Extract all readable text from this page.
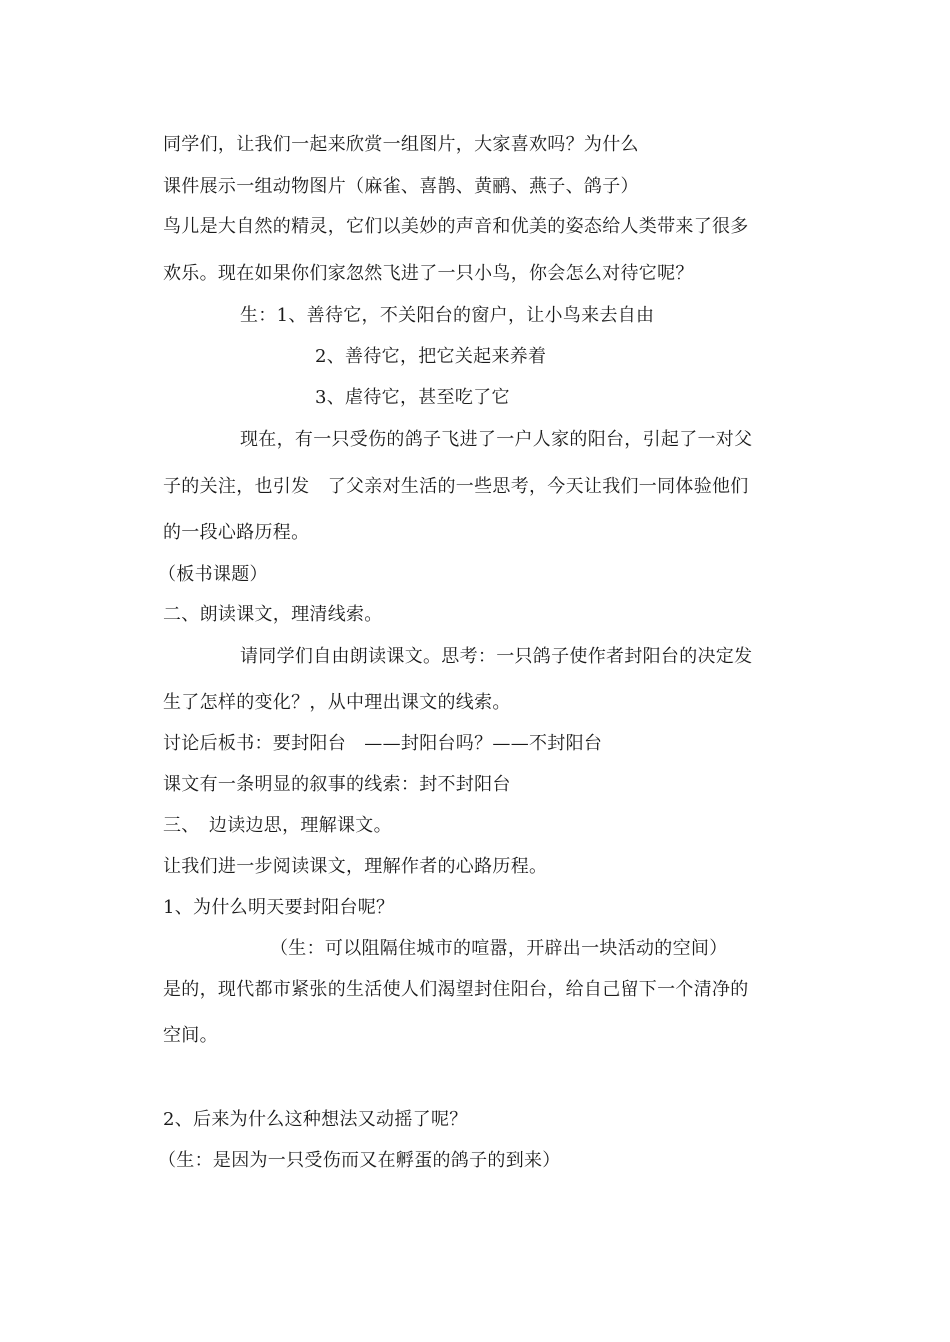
同学们，让我们一起来欣赏一组图片，大家喜欢吗？为什么
课件展示一组动物图片（麻雀、喜鹊、黄鹂、燕子、鸽子）
鸟儿是大自然的精灵，它们以美妙的声音和优美的姿态给人类带来了很多
欢乐。现在如果你们家忽然飞进了一只小鸟，你会怎么对待它呢？
生：1、善待它，不关阳台的窗户，让小鸟来去自由
2、善待它，把它关起来养着
3、虐待它，甚至吃了它
现在，有一只受伤的鸽子飞进了一户人家的阳台，引起了一对父
子的关注，也引发　了父亲对生活的一些思考，今天让我们一同体验他们
的一段心路历程。
（板书课题）
二、朗读课文，理清线索。
请同学们自由朗读课文。思考：一只鸽子使作者封阳台的决定发
生了怎样的变化？，从中理出课文的线索。
讨论后板书：要封阳台　——封阳台吗？——不封阳台
课文有一条明显的叙事的线索：封不封阳台
三、　边读边思，理解课文。
让我们进一步阅读课文，理解作者的心路历程。
1、为什么明天要封阳台呢？
（生：可以阻隔住城市的喧嚣，开辟出一块活动的空间）
是的，现代都市紧张的生活使人们渴望封住阳台，给自己留下一个清净的
空间。
2、后来为什么这种想法又动摇了呢？
（生：是因为一只受伤而又在孵蛋的鸽子的到来）
